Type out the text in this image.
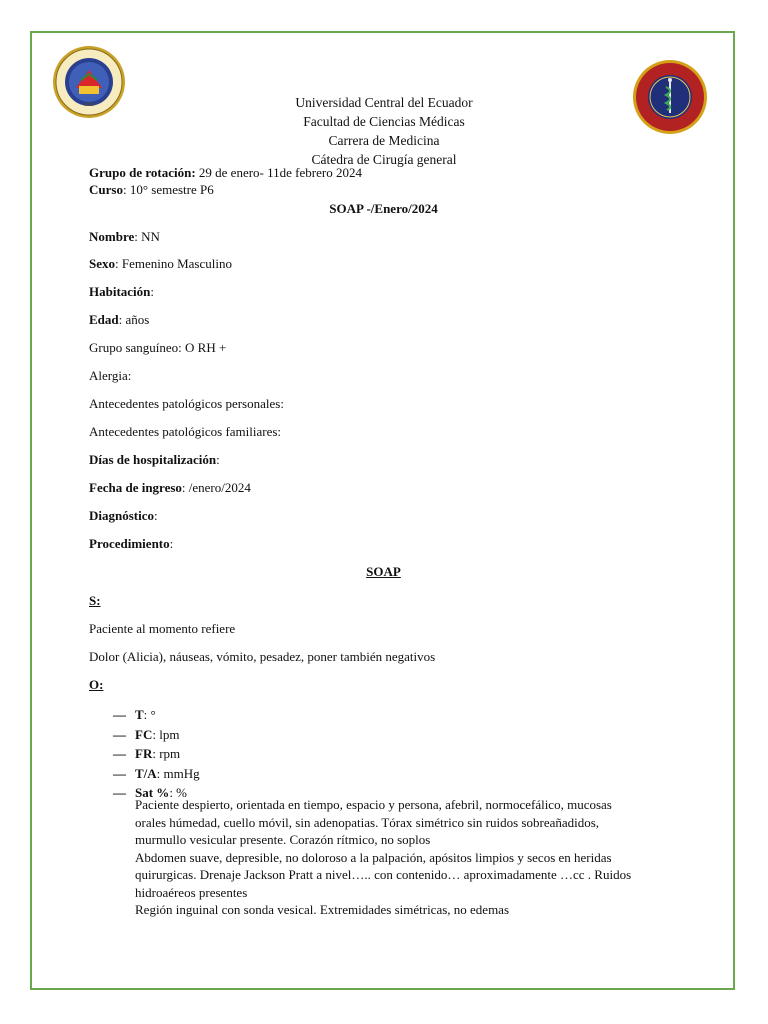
1826	Universidad Central del Ecuador
Facultad de Ciencias Médicas
Carrera de Medicina
Cátedra de Cirugía general
Grupo de rotación: 29 de enero- 11de febrero 2024
Curso: 10° semestre P6
SOAP -/Enero/2024
Nombre: NN
Sexo: Femenino Masculino
Habitación:
Edad: años
Grupo sanguíneo: O RH +
Alergia:
Antecedentes patológicos personales:
Antecedentes patológicos familiares:
Días de hospitalización:
Fecha de ingreso: /enero/2024
Diagnóstico:
Procedimiento:
SOAP
S:
Paciente al momento refiere
Dolor (Alicia), náuseas, vómito, pesadez, poner también negativos
O:
— T: °
— FC: lpm
— FR: rpm
— T/A: mmHg
— Sat %: %
Paciente despierto, orientada en tiempo, espacio y persona, afebril, normocefálico, mucosas
orales húmedad, cuello móvil, sin adenopatias. Tórax simétrico sin ruidos sobreañadidos,
murmullo vesicular presente. Corazón rítmico, no soplos
Abdomen suave, depresible, no doloroso a la palpación, apósitos limpios y secos en heridas
quirurgicas. Drenaje Jackson Pratt a nivel….. con contenido… aproximadamente …cc . Ruidos
hidroaéreos presentes
Región inguinal con sonda vesical. Extremidades simétricas, no edemas
